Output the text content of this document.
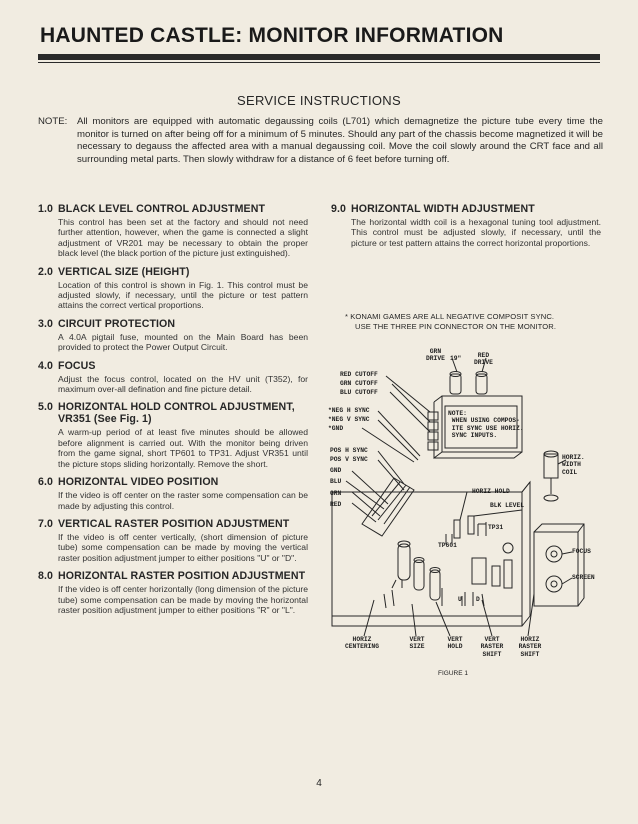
HAUNTED CASTLE: MONITOR INFORMATION
SERVICE INSTRUCTIONS
NOTE: All monitors are equipped with automatic degaussing coils (L701) which demagnetize the picture tube every time the monitor is turned on after being off for a minimum of 5 minutes. Should any part of the chassis become magnetized it will be necessary to degauss the affected area with a manual degaussing coil. Move the coil slowly around the CRT face and all surrounding metal parts. Then slowly withdraw for a distance of 6 feet before turning off.
1.0 BLACK LEVEL CONTROL ADJUSTMENT

This control has been set at the factory and should not need further attention, however, when the game is connected a slight adjustment of VR201 may be necessary to obtain the proper black level (the black portion of the picture just extinguished).

2.0 VERTICAL SIZE (HEIGHT)

Location of this control is shown in Fig. 1. This control must be adjusted slowly, if necessary, until the picture or test pattern attains the correct vertical proportions.

3.0 CIRCUIT PROTECTION

A 4.0A pigtail fuse, mounted on the Main Board has been provided to protect the Power Output Circuit.

4.0 FOCUS

Adjust the focus control, located on the HV unit (T352), for maximum over-all defination and fine picture detail.

5.0 HORIZONTAL HOLD CONTROL ADJUSTMENT, VR351 (See Fig. 1)

A warm-up period of at least five minutes should be allowed before alignment is carried out. With the monitor being driven from the game signal, short TP601 to TP31. Adjust VR351 until the picture stops sliding horizontally. Remove the short.

6.0 HORIZONTAL VIDEO POSITION

If the video is off center on the raster some compensation can be made by adjusting this control.

7.0 VERTICAL RASTER POSITION ADJUSTMENT

If the video is off center vertically, (short dimension of picture tube) some compensation can be made by moving the vertical raster position adjustment jumper to either positions "U" or "D".

8.0 HORIZONTAL RASTER POSITION ADJUSTMENT

If the video is off center horizontally (long dimension of the picture tube) some compensation can be made by moving the horizontal raster position adjustment jumper to either positions "R" or "L".

9.0 HORIZONTAL WIDTH ADJUSTMENT

The horizontal width coil is a hexagonal tuning tool adjustment. This control must be adjusted slowly, if necessary, until the picture or test pattern attains the correct horizontal proportions.

* KONAMI GAMES ARE ALL NEGATIVE COMPOSIT SYNC.
USE THE THREE PIN CONNECTOR ON THE MONITOR.
GRN
DRIVE 19"	RED
DRIVE
RED CUTOFF
GRN CUTOFF
BLU CUTOFF
*NEG H SYNC
*NEG V SYNC
*GND
POS H SYNC
POS V SYNC
GND
BLU
GRN
RED
NOTE:
WHEN USING COMPOS-
ITE SYNC USE HORIZ.
SYNC INPUTS.
HORIZ.
WIDTH
COIL
HORIZ HOLD
BLK LEVEL
TP31
TP601
FOCUS
SCREEN
U D
HORIZ
CENTERING
VERT
SIZE
VERT
HOLD
VERT
RASTER
SHIFT
HORIZ
RASTER
SHIFT
FIGURE 1
4
